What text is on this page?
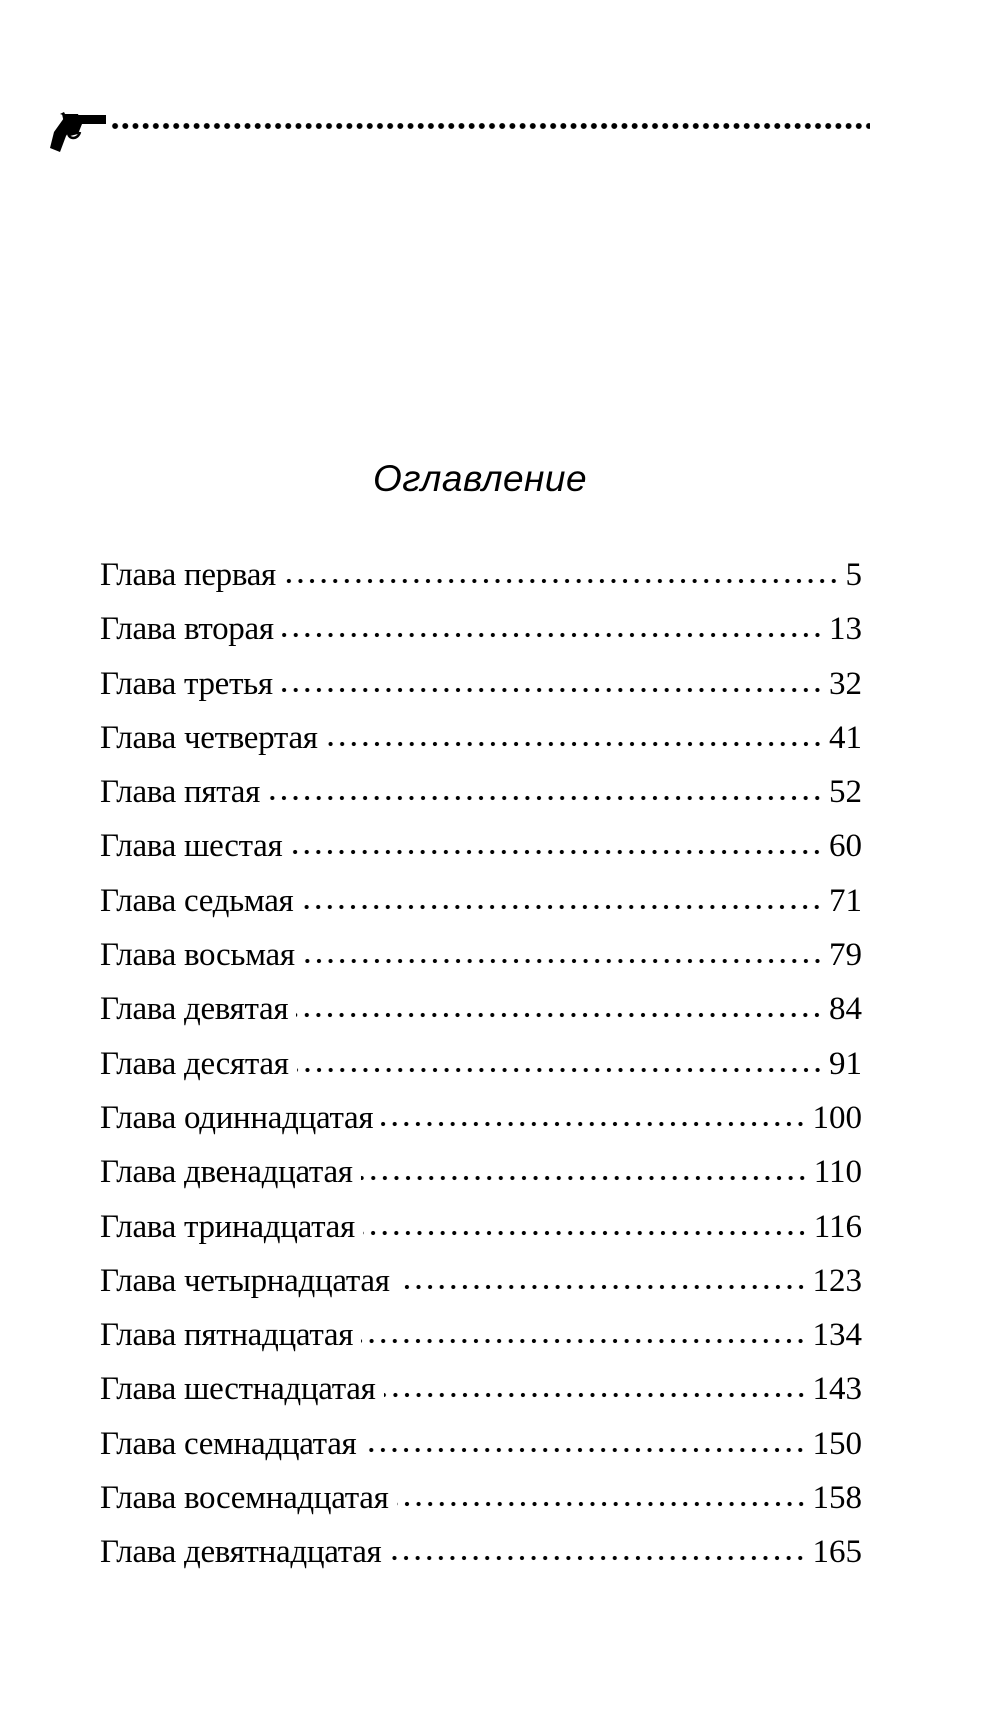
Оглавление
Глава первая	5
Глава вторая	13
Глава третья	32
Глава четвертая	41
Глава пятая	52
Глава шестая	60
Глава седьмая	71
Глава восьмая	79
Глава девятая	84
Глава десятая	91
Глава одиннадцатая	100
Глава двенадцатая	110
Глава тринадцатая	116
Глава четырнадцатая	123
Глава пятнадцатая	134
Глава шестнадцатая	143
Глава семнадцатая	150
Глава восемнадцатая	158
Глава девятнадцатая	165
